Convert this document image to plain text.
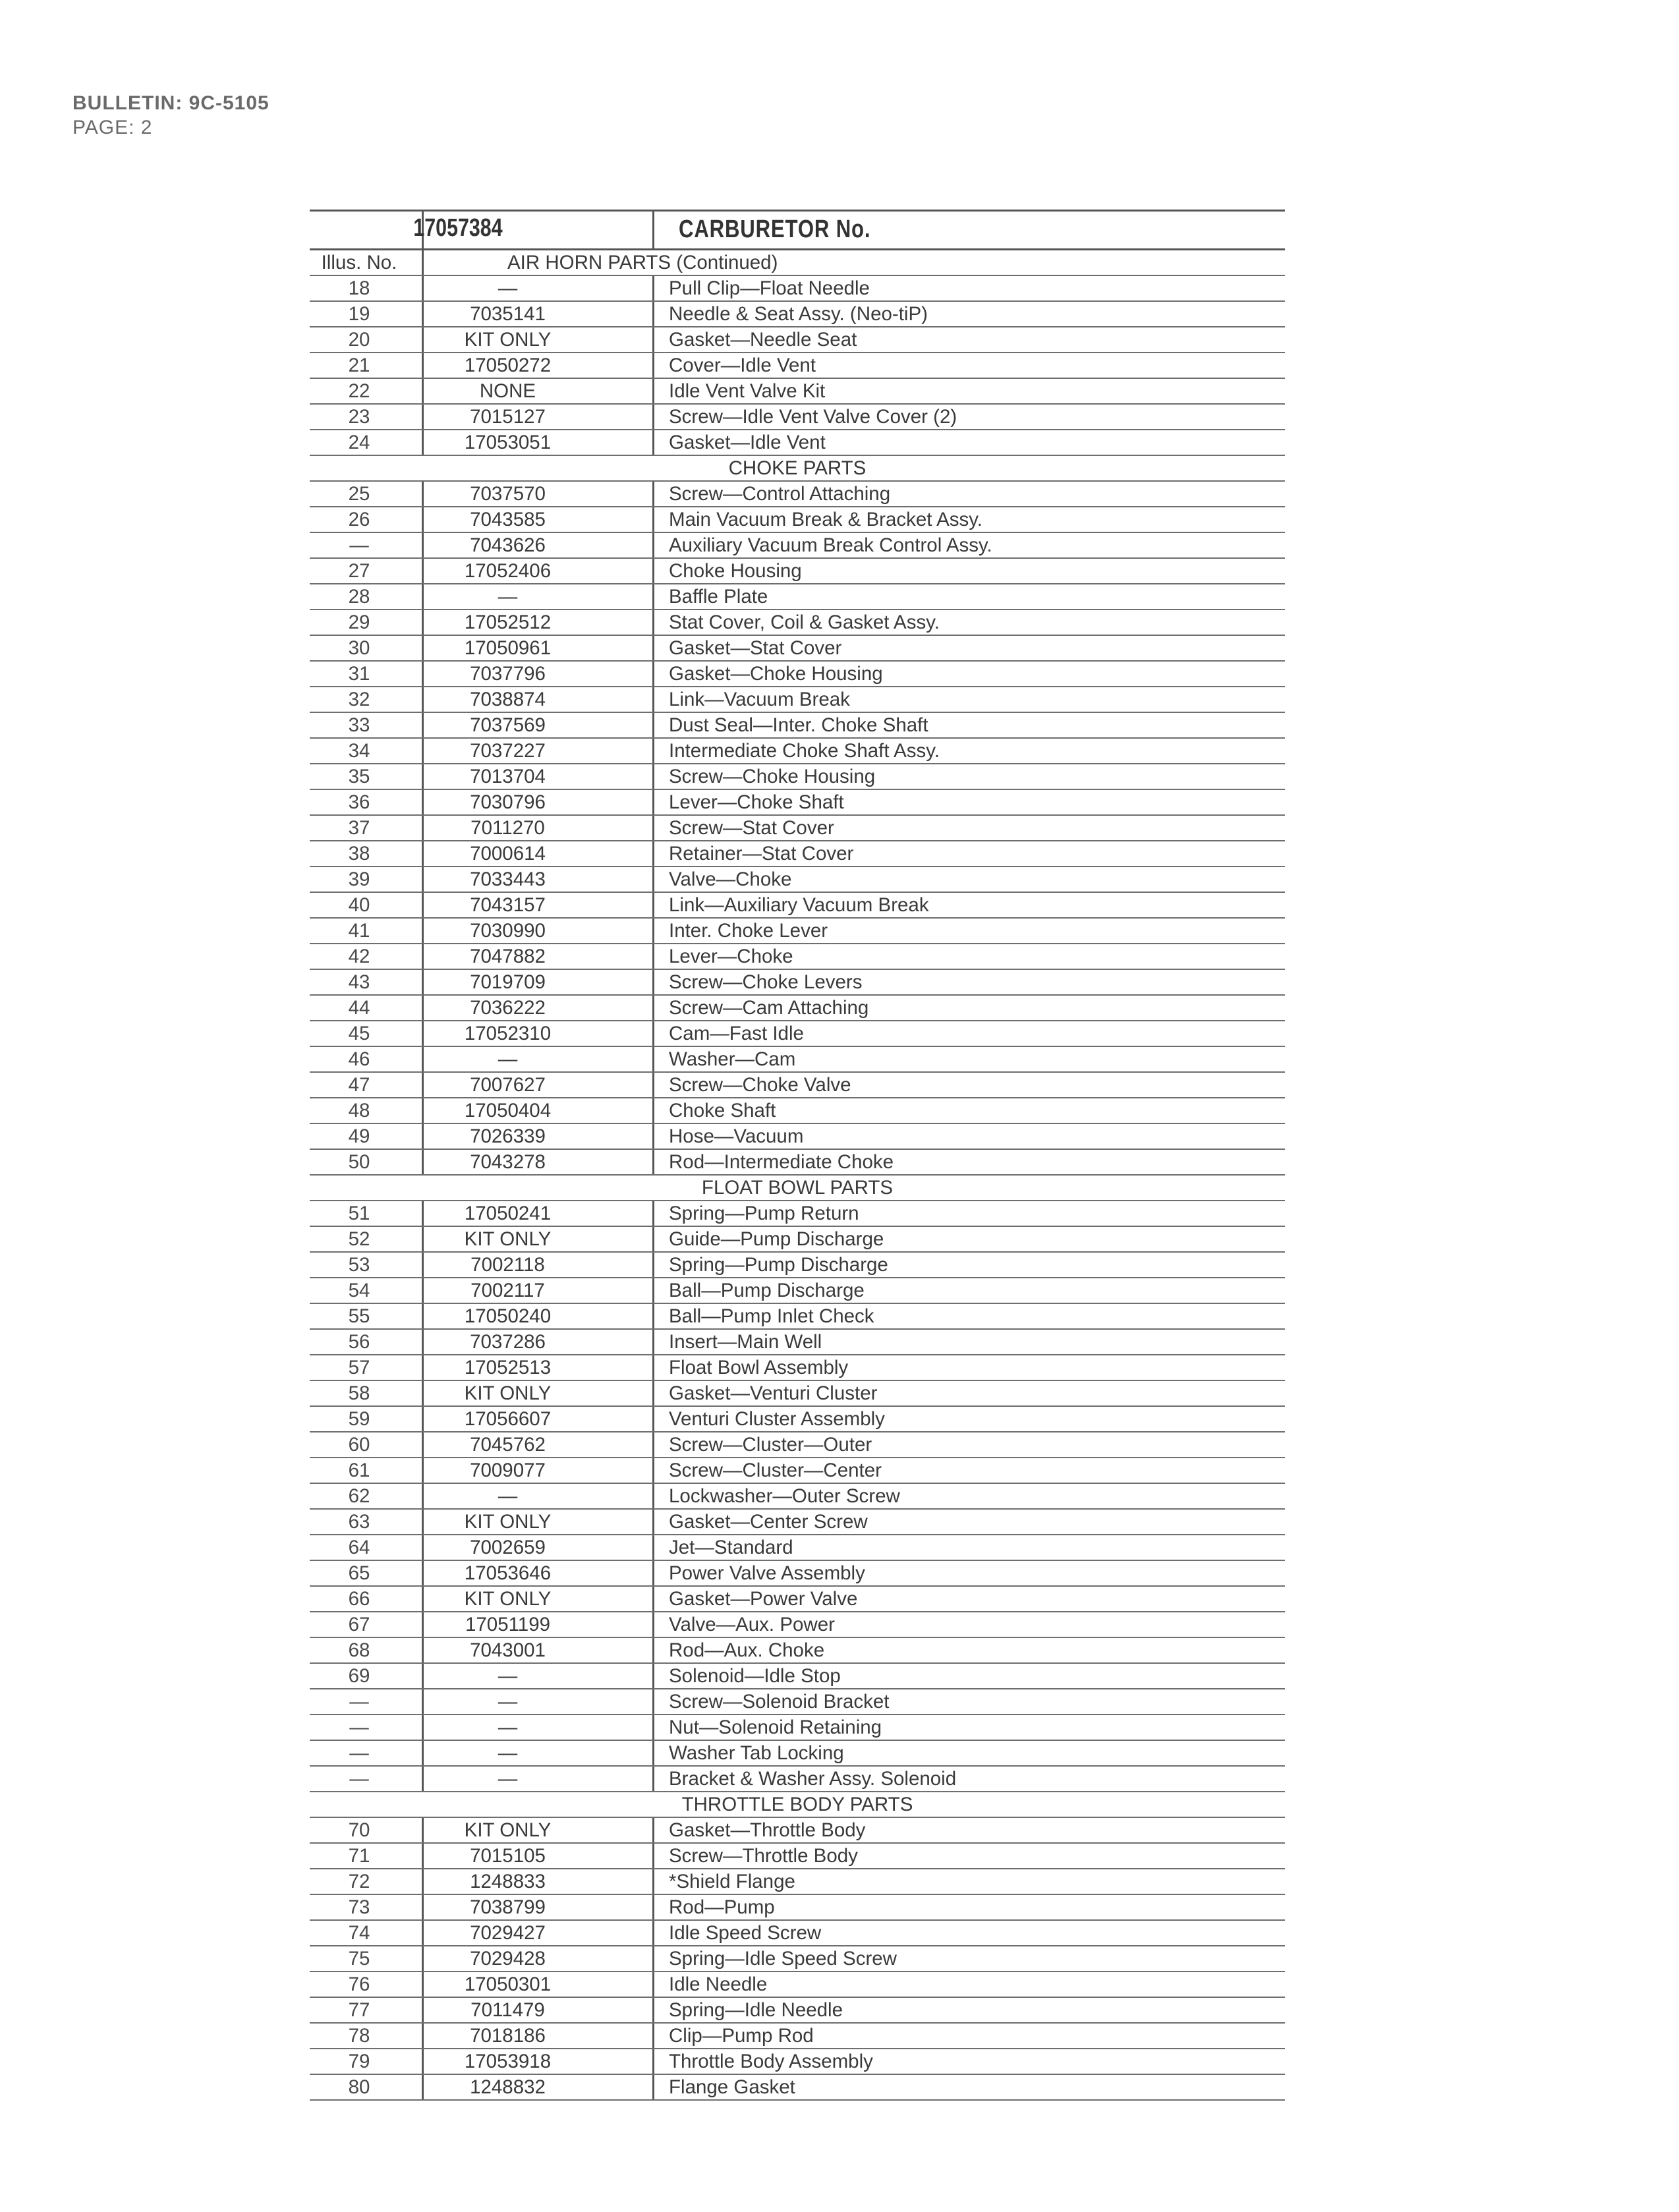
BULLETIN: 9C-5105
PAGE: 2
17057384	CARBURETOR No.
Illus. No.	AIR HORN PARTS (Continued)
18	—	Pull Clip—Float Needle
19	7035141	Needle & Seat Assy. (Neo-tiP)
20	KIT ONLY	Gasket—Needle Seat
21	17050272	Cover—Idle Vent
22	NONE	Idle Vent Valve Kit
23	7015127	Screw—Idle Vent Valve Cover (2)
24	17053051	Gasket—Idle Vent
CHOKE PARTS
25	7037570	Screw—Control Attaching
26	7043585	Main Vacuum Break & Bracket Assy.
—	7043626	Auxiliary Vacuum Break Control Assy.
27	17052406	Choke Housing
28	—	Baffle Plate
29	17052512	Stat Cover, Coil & Gasket Assy.
30	17050961	Gasket—Stat Cover
31	7037796	Gasket—Choke Housing
32	7038874	Link—Vacuum Break
33	7037569	Dust Seal—Inter. Choke Shaft
34	7037227	Intermediate Choke Shaft Assy.
35	7013704	Screw—Choke Housing
36	7030796	Lever—Choke Shaft
37	7011270	Screw—Stat Cover
38	7000614	Retainer—Stat Cover
39	7033443	Valve—Choke
40	7043157	Link—Auxiliary Vacuum Break
41	7030990	Inter. Choke Lever
42	7047882	Lever—Choke
43	7019709	Screw—Choke Levers
44	7036222	Screw—Cam Attaching
45	17052310	Cam—Fast Idle
46	—	Washer—Cam
47	7007627	Screw—Choke Valve
48	17050404	Choke Shaft
49	7026339	Hose—Vacuum
50	7043278	Rod—Intermediate Choke
FLOAT BOWL PARTS
51	17050241	Spring—Pump Return
52	KIT ONLY	Guide—Pump Discharge
53	7002118	Spring—Pump Discharge
54	7002117	Ball—Pump Discharge
55	17050240	Ball—Pump Inlet Check
56	7037286	Insert—Main Well
57	17052513	Float Bowl Assembly
58	KIT ONLY	Gasket—Venturi Cluster
59	17056607	Venturi Cluster Assembly
60	7045762	Screw—Cluster—Outer
61	7009077	Screw—Cluster—Center
62	—	Lockwasher—Outer Screw
63	KIT ONLY	Gasket—Center Screw
64	7002659	Jet—Standard
65	17053646	Power Valve Assembly
66	KIT ONLY	Gasket—Power Valve
67	17051199	Valve—Aux. Power
68	7043001	Rod—Aux. Choke
69	—	Solenoid—Idle Stop
—	—	Screw—Solenoid Bracket
—	—	Nut—Solenoid Retaining
—	—	Washer Tab Locking
—	—	Bracket & Washer Assy. Solenoid
THROTTLE BODY PARTS
70	KIT ONLY	Gasket—Throttle Body
71	7015105	Screw—Throttle Body
72	1248833	*Shield Flange
73	7038799	Rod—Pump
74	7029427	Idle Speed Screw
75	7029428	Spring—Idle Speed Screw
76	17050301	Idle Needle
77	7011479	Spring—Idle Needle
78	7018186	Clip—Pump Rod
79	17053918	Throttle Body Assembly
80	1248832	Flange Gasket
